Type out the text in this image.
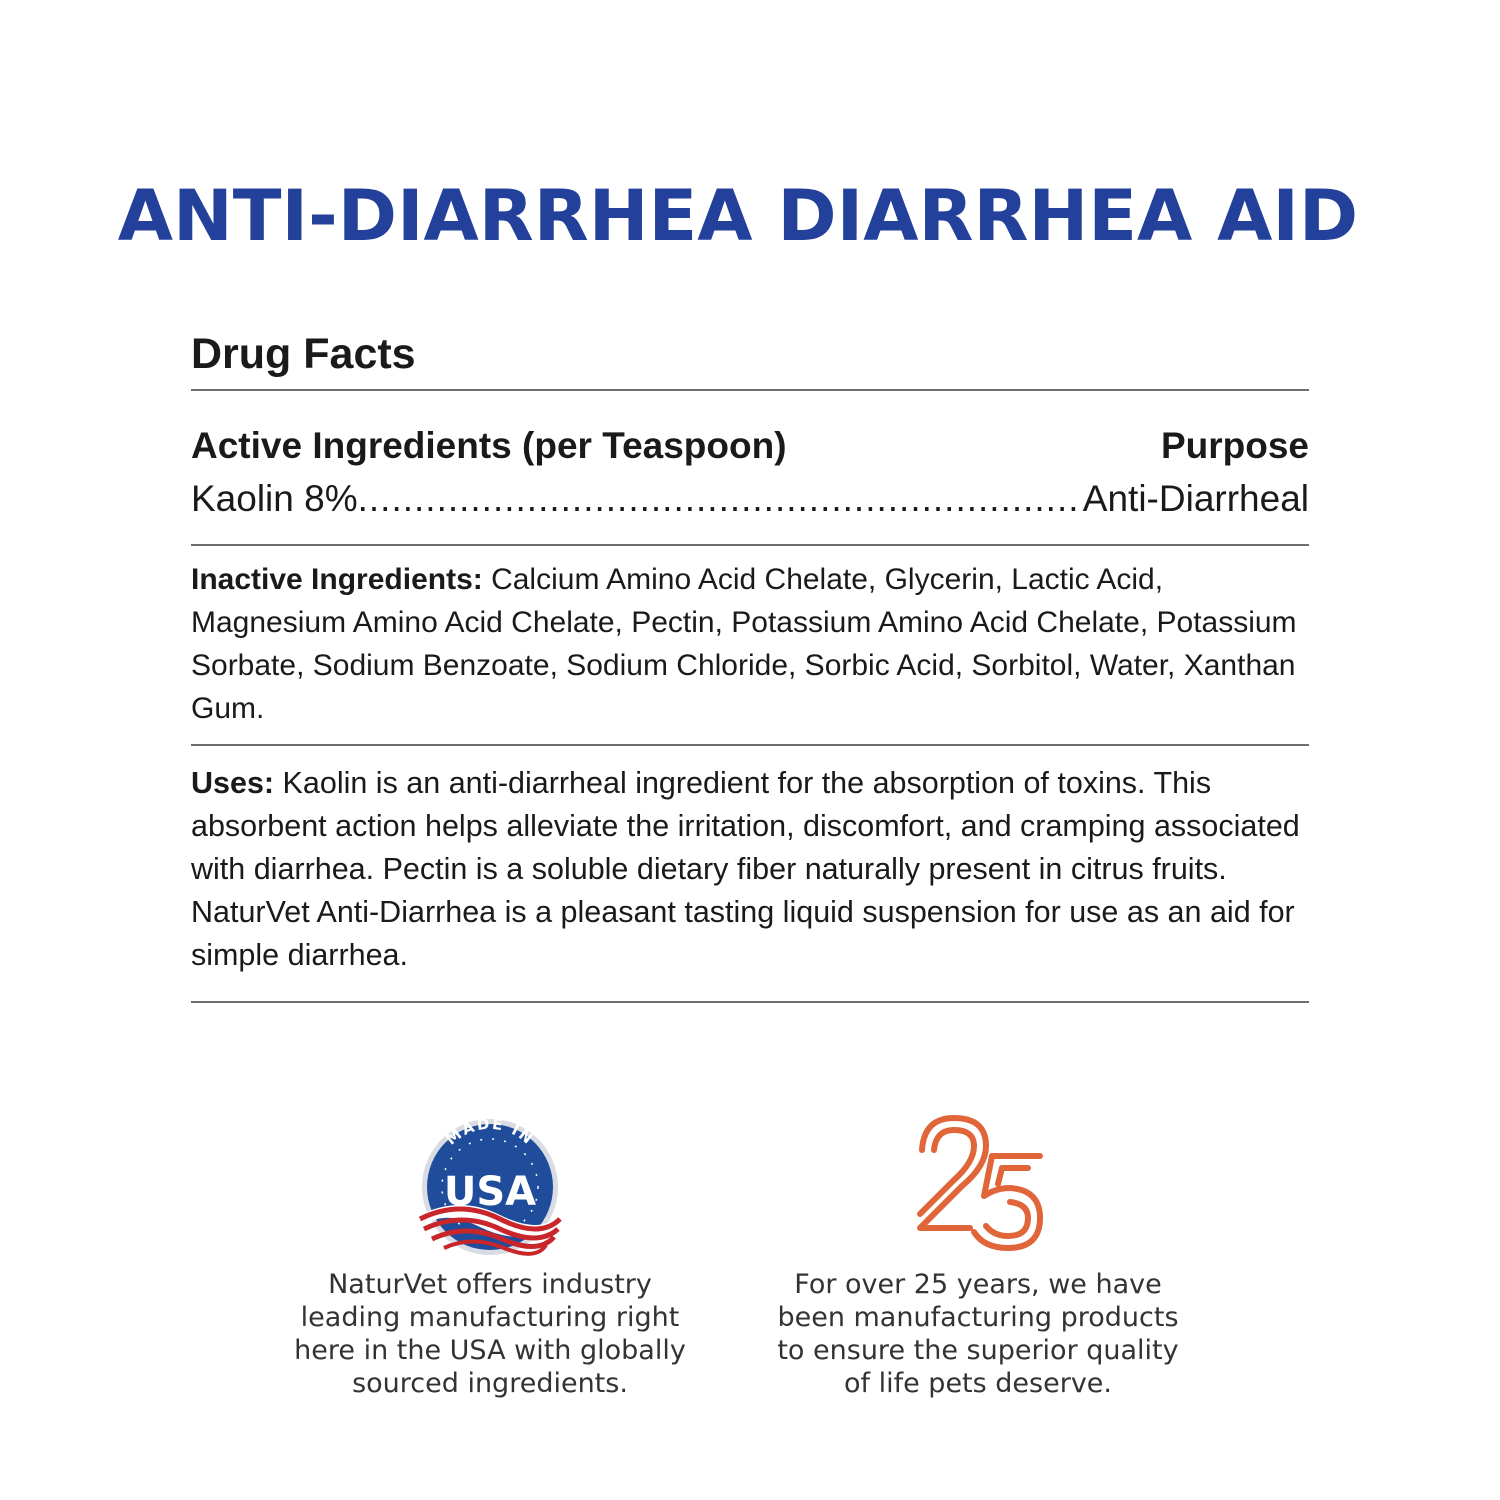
ANTI-DIARRHEA DIARRHEA AID
Drug Facts
Active Ingredients (per Teaspoon)	Purpose
Kaolin 8%
.....	Anti-Diarrheal
Inactive Ingredients: Calcium Amino Acid Chelate, Glycerin, Lactic Acid, Magnesium Amino Acid Chelate, Pectin, Potassium Amino Acid Chelate, Potassium Sorbate, Sodium Benzoate, Sodium Chloride, Sorbic Acid, Sorbitol, Water, Xanthan Gum.
Uses: Kaolin is an anti-diarrheal ingredient for the absorption of toxins. This absorbent action helps alleviate the irritation, discomfort, and cramping associated with diarrhea. Pectin is a soluble dietary fiber naturally present in citrus fruits. NaturVet Anti-Diarrhea is a pleasant tasting liquid suspension for use as an aid for simple diarrhea.
MADE IN
USA
NaturVet offers industry leading manufacturing right here in the USA with globally sourced ingredients.
For over 25 years, we have been manufacturing products to ensure the superior quality of life pets deserve.
